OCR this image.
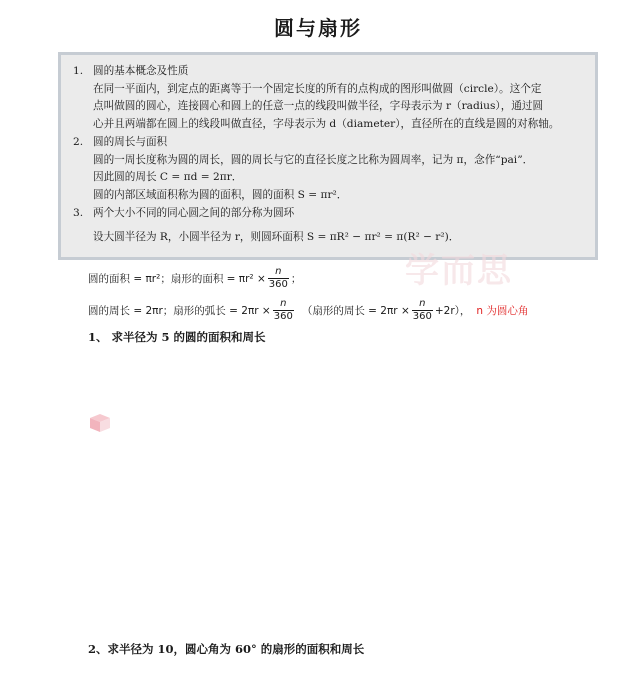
圆与扇形
1. 圆的基本概念及性质
在同一平面内，到定点的距离等于一个固定长度的所有的点构成的图形叫做圆（circle）。这个定
点叫做圆的圆心，连接圆心和圆上的任意一点的线段叫做半径，字母表示为 r（radius），通过圆
心并且两端都在圆上的线段叫做直径，字母表示为 d（diameter），直径所在的直线是圆的对称轴。
2. 圆的周长与面积
圆的一周长度称为圆的周长，圆的周长与它的直径长度之比称为圆周率，记为 π，念作“pai”．
因此圆的周长 C = πd = 2πr．
圆的内部区域面积称为圆的面积，圆的面积 S = πr²．
3. 两个大小不同的同心圆之间的部分称为圆环
设大圆半径为 R，小圆半径为 r，则圆环面积 S = πR² − πr² = π(R² − r²)．
学而思
圆的面积 = πr²；扇形的面积 = $\pi r^2 \times \frac{n}{360}$ ；
圆的周长 = 2πr；扇形的弧长 = $2\pi r \times \frac{n}{360}$ （扇形的周长 = $2\pi r \times \frac{n}{360} +2r$）， n 为圆心角
1、 求半径为 5 的圆的面积和周长
2、求半径为 10，圆心角为 60° 的扇形的面积和周长
